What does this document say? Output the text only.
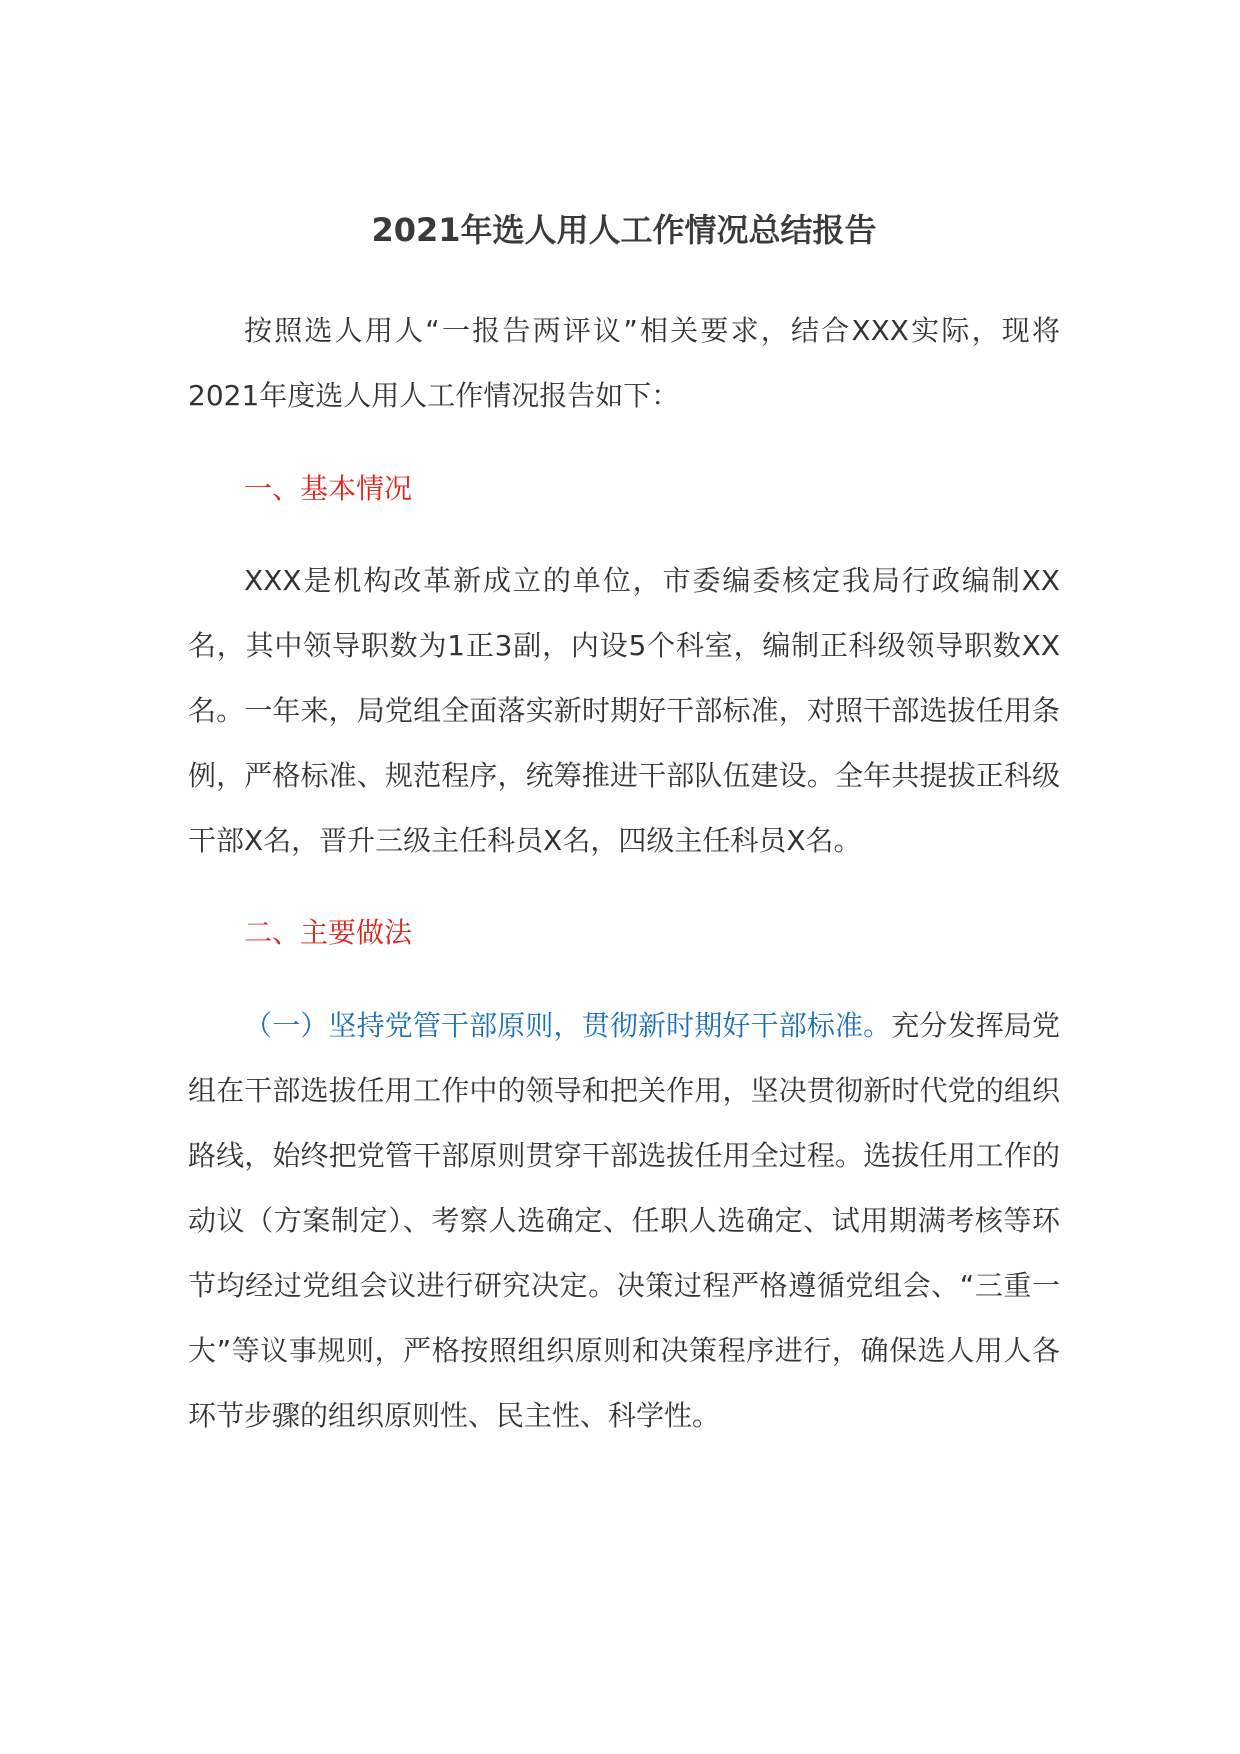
2021年选人用人工作情况总结报告

按照选人用人“一报告两评议”相关要求，结合XXX实际，现将2021年度选人用人工作情况报告如下：

一、基本情况

XXX是机构改革新成立的单位，市委编委核定我局行政编制XX名，其中领导职数为1正3副，内设5个科室，编制正科级领导职数XX名。一年来，局党组全面落实新时期好干部标准，对照干部选拔任用条例，严格标准、规范程序，统筹推进干部队伍建设。全年共提拔正科级干部X名，晋升三级主任科员X名，四级主任科员X名。

二、主要做法

（一）坚持党管干部原则，贯彻新时期好干部标准。充分发挥局党组在干部选拔任用工作中的领导和把关作用，坚决贯彻新时代党的组织路线，始终把党管干部原则贯穿干部选拔任用全过程。选拔任用工作的动议（方案制定）、考察人选确定、任职人选确定、试用期满考核等环节均经过党组会议进行研究决定。决策过程严格遵循党组会、“三重一大”等议事规则，严格按照组织原则和决策程序进行，确保选人用人各环节步骤的组织原则性、民主性、科学性。
